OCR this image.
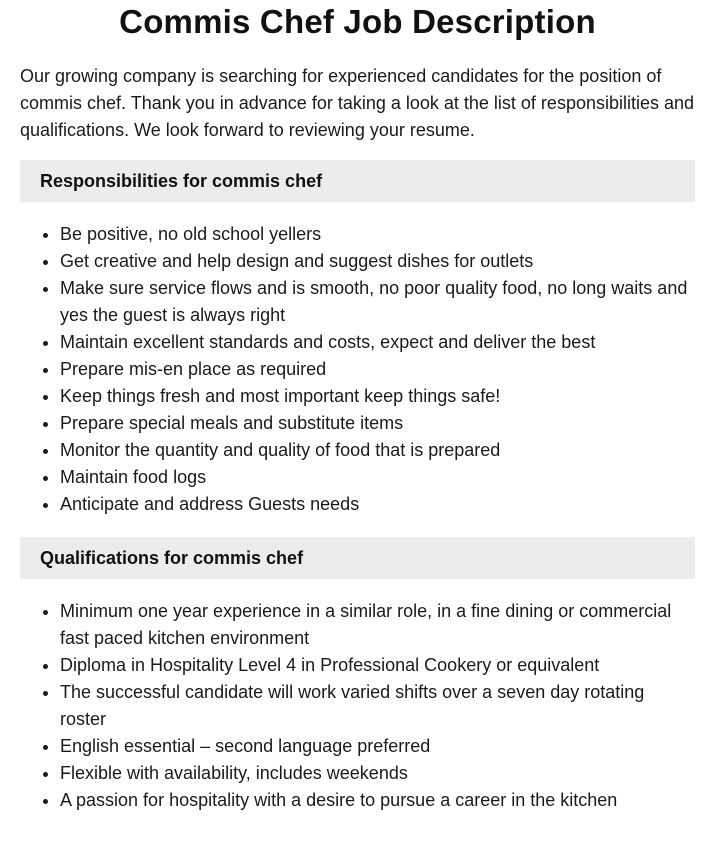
Commis Chef Job Description

Our growing company is searching for experienced candidates for the position of commis chef. Thank you in advance for taking a look at the list of responsibilities and qualifications. We look forward to reviewing your resume.

Responsibilities for commis chef
• Be positive, no old school yellers
• Get creative and help design and suggest dishes for outlets
• Make sure service flows and is smooth, no poor quality food, no long waits and yes the guest is always right
• Maintain excellent standards and costs, expect and deliver the best
• Prepare mis-en place as required
• Keep things fresh and most important keep things safe!
• Prepare special meals and substitute items
• Monitor the quantity and quality of food that is prepared
• Maintain food logs
• Anticipate and address Guests needs
Qualifications for commis chef
• Minimum one year experience in a similar role, in a fine dining or commercial fast paced kitchen environment
• Diploma in Hospitality Level 4 in Professional Cookery or equivalent
• The successful candidate will work varied shifts over a seven day rotating roster
• English essential – second language preferred
• Flexible with availability, includes weekends
• A passion for hospitality with a desire to pursue a career in the kitchen
